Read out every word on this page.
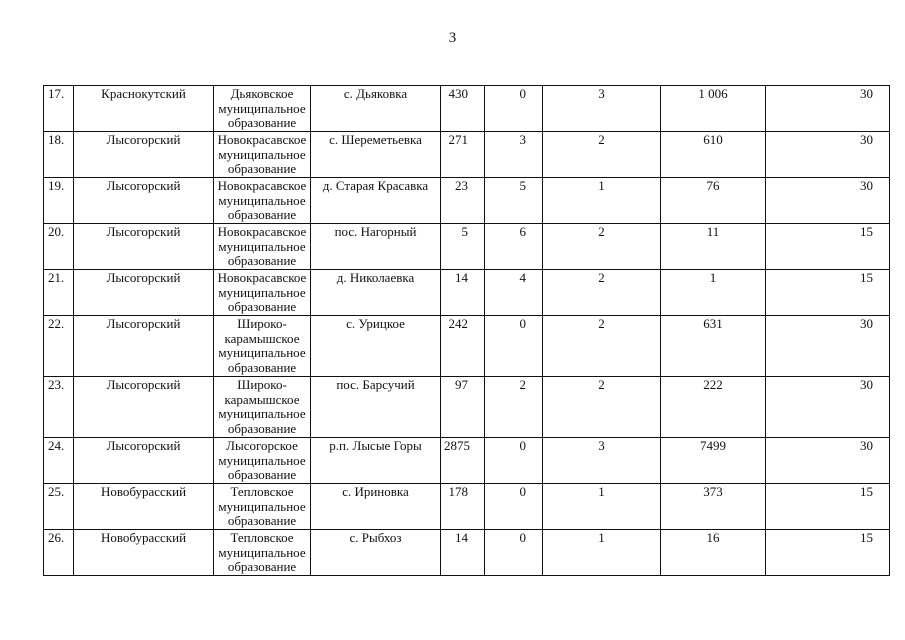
3
17.	Краснокутский	Дьяковское муниципальное образование	с. Дьяковка	430	0	3	1 006	30
18.	Лысогорский	Новокрасавское муниципальное образование	с. Шереметьевка	271	3	2	610	30
19.	Лысогорский	Новокрасавское муниципальное образование	д. Старая Красавка	23	5	1	76	30
20.	Лысогорский	Новокрасавское муниципальное образование	пос. Нагорный	5	6	2	11	15
21.	Лысогорский	Новокрасавское муниципальное образование	д. Николаевка	14	4	2	1	15
22.	Лысогорский	Широко-карамышское муниципальное образование	с. Урицкое	242	0	2	631	30
23.	Лысогорский	Широко-карамышское муниципальное образование	пос. Барсучий	97	2	2	222	30
24.	Лысогорский	Лысогорское муниципальное образование	р.п. Лысые Горы	2875	0	3	7499	30
25.	Новобурасский	Тепловское муниципальное образование	с. Ириновка	178	0	1	373	15
26.	Новобурасский	Тепловское муниципальное образование	с. Рыбхоз	14	0	1	16	15
